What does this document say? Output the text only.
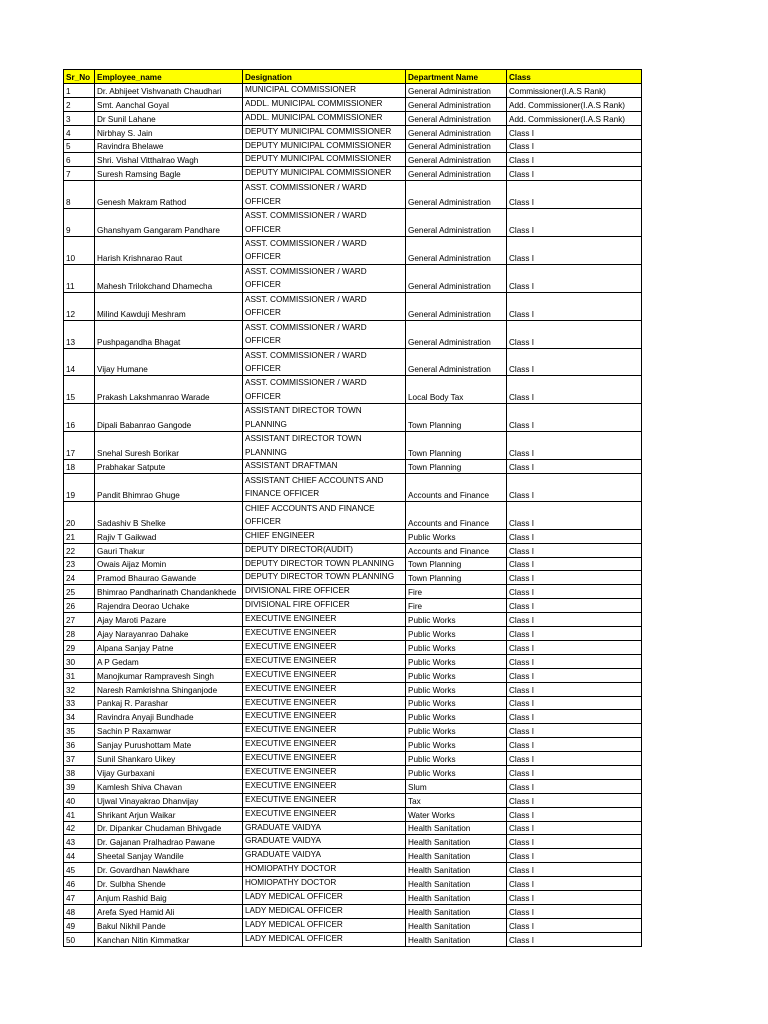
Sr_No	Employee_name	Designation	Department Name	Class
1	Dr. Abhijeet Vishvanath Chaudhari	MUNICIPAL COMMISSIONER	General Administration	Commissioner(I.A.S Rank)
2	Smt. Aanchal Goyal	ADDL. MUNICIPAL COMMISSIONER	General Administration	Add. Commissioner(I.A.S Rank)
3	Dr Sunil Lahane	ADDL. MUNICIPAL COMMISSIONER	General Administration	Add. Commissioner(I.A.S Rank)
4	Nirbhay S. Jain	DEPUTY MUNICIPAL COMMISSIONER	General Administration	Class I
5	Ravindra Bhelawe	DEPUTY MUNICIPAL COMMISSIONER	General Administration	Class I
6	Shri. Vishal Vitthalrao Wagh	DEPUTY MUNICIPAL COMMISSIONER	General Administration	Class I
7	Suresh Ramsing Bagle	DEPUTY MUNICIPAL COMMISSIONER	General Administration	Class I
8	Genesh Makram Rathod	ASST. COMMISSIONER / WARD OFFICER	General Administration	Class I
9	Ghanshyam Gangaram Pandhare	ASST. COMMISSIONER / WARD OFFICER	General Administration	Class I
10	Harish Krishnarao Raut	ASST. COMMISSIONER / WARD OFFICER	General Administration	Class I
11	Mahesh Trilokchand Dhamecha	ASST. COMMISSIONER / WARD OFFICER	General Administration	Class I
12	Milind Kawduji Meshram	ASST. COMMISSIONER / WARD OFFICER	General Administration	Class I
13	Pushpagandha Bhagat	ASST. COMMISSIONER / WARD OFFICER	General Administration	Class I
14	Vijay Humane	ASST. COMMISSIONER / WARD OFFICER	General Administration	Class I
15	Prakash Lakshmanrao Warade	ASST. COMMISSIONER / WARD OFFICER	Local Body Tax	Class I
16	Dipali Babanrao Gangode	ASSISTANT DIRECTOR TOWN PLANNING	Town Planning	Class I
17	Snehal Suresh Borikar	ASSISTANT DIRECTOR TOWN PLANNING	Town Planning	Class I
18	Prabhakar Satpute	ASSISTANT DRAFTMAN	Town Planning	Class I
19	Pandit Bhimrao Ghuge	ASSISTANT CHIEF ACCOUNTS AND FINANCE OFFICER	Accounts and Finance	Class I
20	Sadashiv B Shelke	CHIEF ACCOUNTS AND FINANCE OFFICER	Accounts and Finance	Class I
21	Rajiv T Gaikwad	CHIEF ENGINEER	Public Works	Class I
22	Gauri Thakur	DEPUTY DIRECTOR(AUDIT)	Accounts and Finance	Class I
23	Owais Aijaz Momin	DEPUTY DIRECTOR TOWN PLANNING	Town Planning	Class I
24	Pramod Bhaurao Gawande	DEPUTY DIRECTOR TOWN PLANNING	Town Planning	Class I
25	Bhimrao Pandharinath Chandankhede	DIVISIONAL FIRE OFFICER	Fire	Class I
26	Rajendra Deorao Uchake	DIVISIONAL FIRE OFFICER	Fire	Class I
27	Ajay Maroti Pazare	EXECUTIVE ENGINEER	Public Works	Class I
28	Ajay Narayanrao Dahake	EXECUTIVE ENGINEER	Public Works	Class I
29	Alpana Sanjay Patne	EXECUTIVE ENGINEER	Public Works	Class I
30	A P Gedam	EXECUTIVE ENGINEER	Public Works	Class I
31	Manojkumar Rampravesh Singh	EXECUTIVE ENGINEER	Public Works	Class I
32	Naresh Ramkrishna Shinganjode	EXECUTIVE ENGINEER	Public Works	Class I
33	Pankaj R. Parashar	EXECUTIVE ENGINEER	Public Works	Class I
34	Ravindra Anyaji Bundhade	EXECUTIVE ENGINEER	Public Works	Class I
35	Sachin P Raxamwar	EXECUTIVE ENGINEER	Public Works	Class I
36	Sanjay Purushottam Mate	EXECUTIVE ENGINEER	Public Works	Class I
37	Sunil Shankaro Uikey	EXECUTIVE ENGINEER	Public Works	Class I
38	Vijay Gurbaxani	EXECUTIVE ENGINEER	Public Works	Class I
39	Kamlesh Shiva Chavan	EXECUTIVE ENGINEER	Slum	Class I
40	Ujwal Vinayakrao Dhanvijay	EXECUTIVE ENGINEER	Tax	Class I
41	Shrikant Arjun Waikar	EXECUTIVE ENGINEER	Water Works	Class I
42	Dr. Dipankar Chudaman Bhivgade	GRADUATE VAIDYA	Health Sanitation	Class I
43	Dr. Gajanan Pralhadrao Pawane	GRADUATE VAIDYA	Health Sanitation	Class I
44	Sheetal Sanjay Wandile	GRADUATE VAIDYA	Health Sanitation	Class I
45	Dr. Govardhan Nawkhare	HOMIOPATHY DOCTOR	Health Sanitation	Class I
46	Dr. Sulbha Shende	HOMIOPATHY DOCTOR	Health Sanitation	Class I
47	Anjum Rashid Baig	LADY MEDICAL OFFICER	Health Sanitation	Class I
48	Arefa Syed Hamid Ali	LADY MEDICAL OFFICER	Health Sanitation	Class I
49	Bakul Nikhil Pande	LADY MEDICAL OFFICER	Health Sanitation	Class I
50	Kanchan Nitin Kimmatkar	LADY MEDICAL OFFICER	Health Sanitation	Class I
